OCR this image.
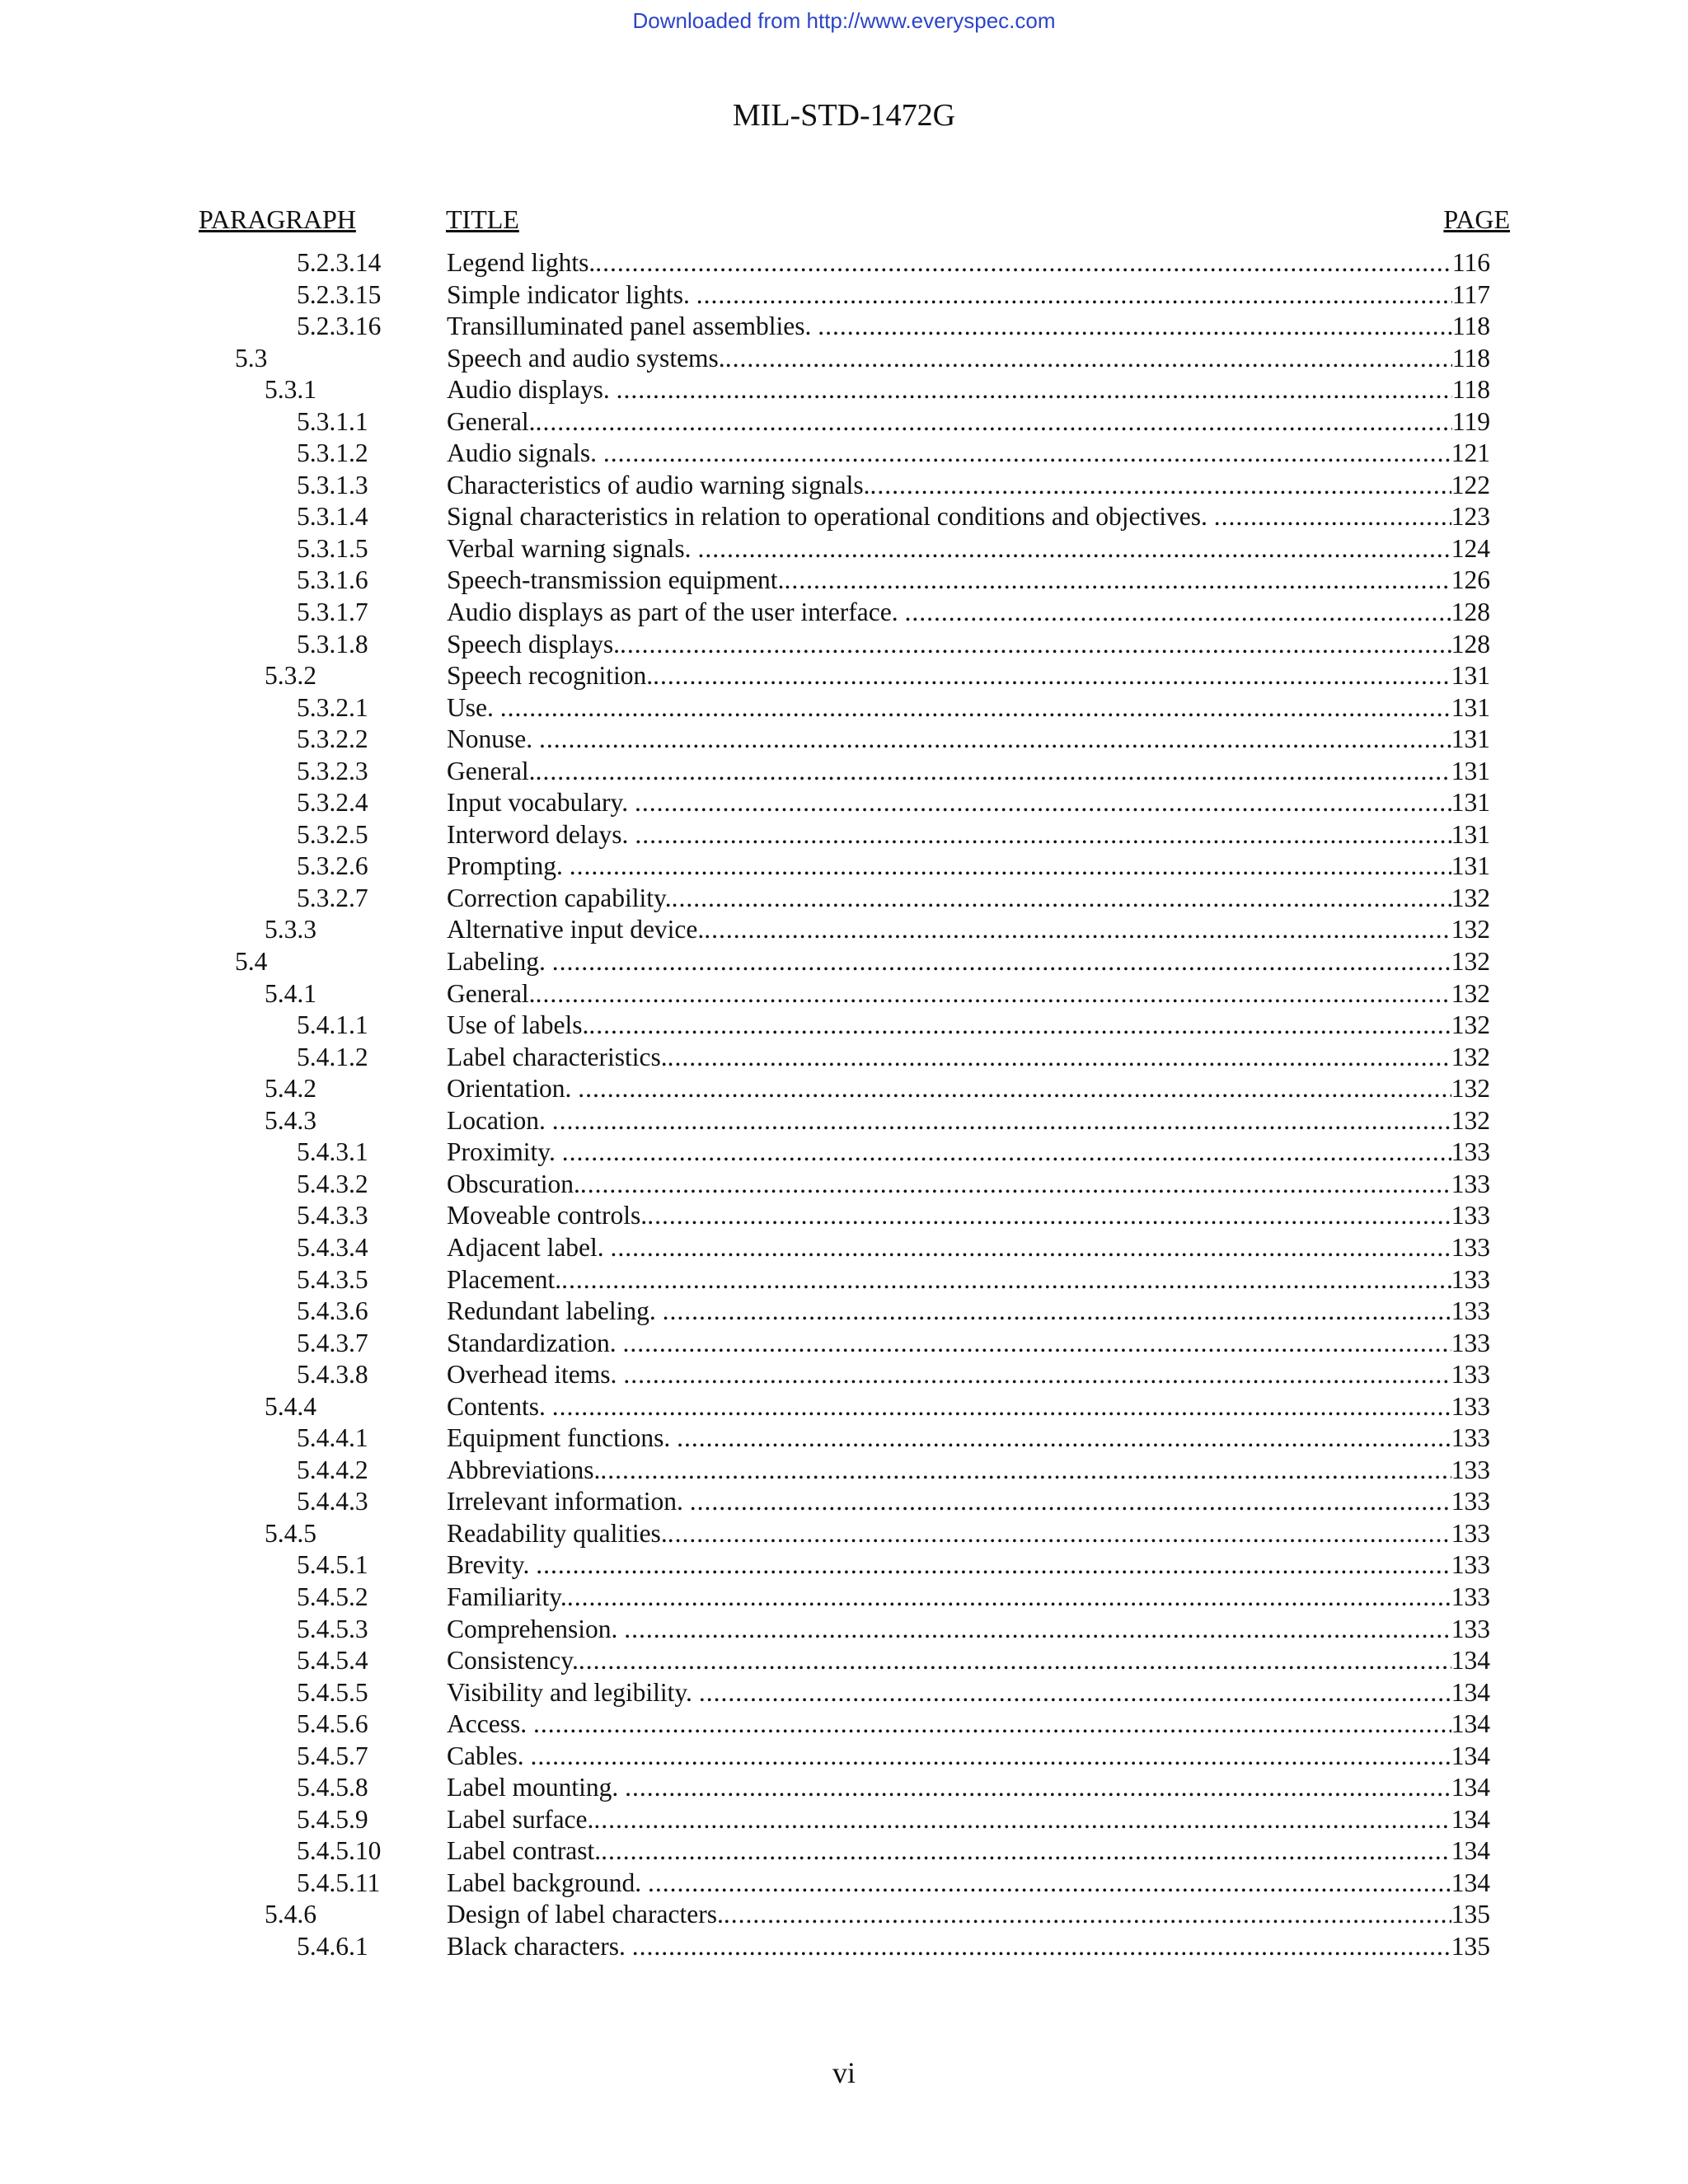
Downloaded from http://www.everyspec.com
MIL-STD-1472G
PARAGRAPH	TITLE	PAGE
5.2.3.14	Legend lights. .....	116
5.2.3.15	Simple indicator lights. .....	117
5.2.3.16	Transilluminated panel assemblies. .....	118
5.3	Speech and audio systems. .....	118
5.3.1	Audio displays. .....	118
5.3.1.1	General. .....	119
5.3.1.2	Audio signals. .....	121
5.3.1.3	Characteristics of audio warning signals. .....	122
5.3.1.4	Signal characteristics in relation to operational conditions and objectives. .....	123
5.3.1.5	Verbal warning signals. .....	124
5.3.1.6	Speech-transmission equipment. .....	126
5.3.1.7	Audio displays as part of the user interface. .....	128
5.3.1.8	Speech displays. .....	128
5.3.2	Speech recognition. .....	131
5.3.2.1	Use. .....	131
5.3.2.2	Nonuse. .....	131
5.3.2.3	General. .....	131
5.3.2.4	Input vocabulary. .....	131
5.3.2.5	Interword delays. .....	131
5.3.2.6	Prompting. .....	131
5.3.2.7	Correction capability. .....	132
5.3.3	Alternative input device. .....	132
5.4	Labeling. .....	132
5.4.1	General. .....	132
5.4.1.1	Use of labels. .....	132
5.4.1.2	Label characteristics. .....	132
5.4.2	Orientation. .....	132
5.4.3	Location. .....	132
5.4.3.1	Proximity. .....	133
5.4.3.2	Obscuration. .....	133
5.4.3.3	Moveable controls. .....	133
5.4.3.4	Adjacent label. .....	133
5.4.3.5	Placement. .....	133
5.4.3.6	Redundant labeling. .....	133
5.4.3.7	Standardization. .....	133
5.4.3.8	Overhead items. .....	133
5.4.4	Contents. .....	133
5.4.4.1	Equipment functions. .....	133
5.4.4.2	Abbreviations. .....	133
5.4.4.3	Irrelevant information. .....	133
5.4.5	Readability qualities. .....	133
5.4.5.1	Brevity. .....	133
5.4.5.2	Familiarity. .....	133
5.4.5.3	Comprehension. .....	133
5.4.5.4	Consistency. .....	134
5.4.5.5	Visibility and legibility. .....	134
5.4.5.6	Access. .....	134
5.4.5.7	Cables. .....	134
5.4.5.8	Label mounting. .....	134
5.4.5.9	Label surface. .....	134
5.4.5.10	Label contrast. .....	134
5.4.5.11	Label background. .....	134
5.4.6	Design of label characters. .....	135
5.4.6.1	Black characters. .....	135
vi
